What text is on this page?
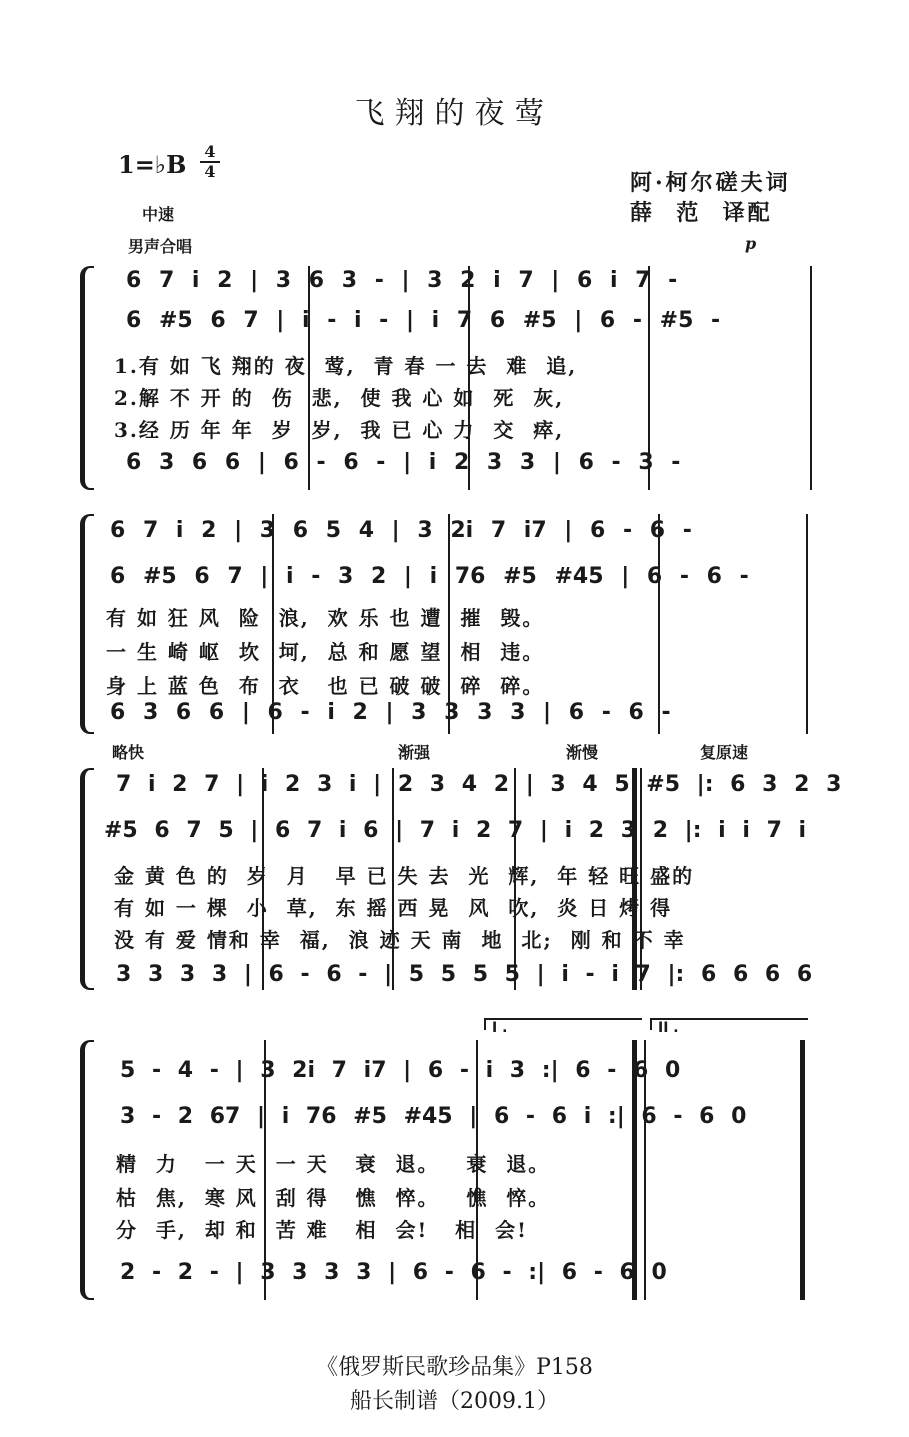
飞翔的夜莺
1=♭B 4
4	阿·柯尔磋夫词
薛  范  译配
中速
男声合唱	p
6 7 i 2 | 3 6 3 - | 3 2 i 7 | 6 i 7 -
6 #5 6 7 | i - i - | i 7 6 #5 | 6 - #5 -
1.有 如 飞 翔的 夜  莺,  青 春 一 去  难  追,
2.解 不 开 的  伤  悲,  使 我 心 如  死  灰,
3.经 历 年 年  岁  岁,  我 已 心 力  交  瘁,
6 3 6 6 | 6 - 6 - | i 2 3 3 | 6 - 3 -
6 7 i 2 | 3 6 5 4 | 3 2i 7 i7 | 6 - 6 -
6 #5 6 7 | i - 3 2 | i 76 #5 #45 | 6 - 6 -
有 如 狂 风  险  浪,  欢 乐 也 遭  摧  毁。
一 生 崎 岖  坎  坷,  总 和 愿 望  相  违。
身 上 蓝 色  布  衣   也 已 破 破  碎  碎。
6 3 6 6 | 6 - i 2 | 3 3 3 3 | 6 - 6 -
略快	渐强	渐慢	复原速
7 i 2 7 | i 2 3 i | 2 3 4 2 | 3 4 5 #5 |: 6 3 2 3
#5 6 7 5 | 6 7 i 6 | 7 i 2 7 | i 2 3 2 |: i i 7 i
金 黄 色 的  岁  月   早 已 失 去  光  辉,  年 轻 旺 盛的
有 如 一 棵  小  草,  东 摇 西 晃  风  吹,  炎 日 烤 得
没 有 爱 情和 幸  福,  浪 迹 天 南  地  北;  刚 和 不 幸
3 3 3 3 | 6 - 6 - | 5 5 5 5 | i - i 7 |: 6 6 6 6
I .	II .
5 - 4 - | 3 2i 7 i7 | 6 - i 3 :| 6 - 6 0
3 - 2 67 | i 76 #5 #45 | 6 - 6 i :| 6 - 6 0
精  力   一 天  一 天   衰  退。   衰  退。
枯  焦,  寒 风  刮 得   憔  悴。   憔  悴。
分  手,  却 和  苦 难   相  会!   相  会!
2 - 2 - | 3 3 3 3 | 6 - 6 - :| 6 - 6 0
《俄罗斯民歌珍品集》P158
船长制谱（2009.1）
